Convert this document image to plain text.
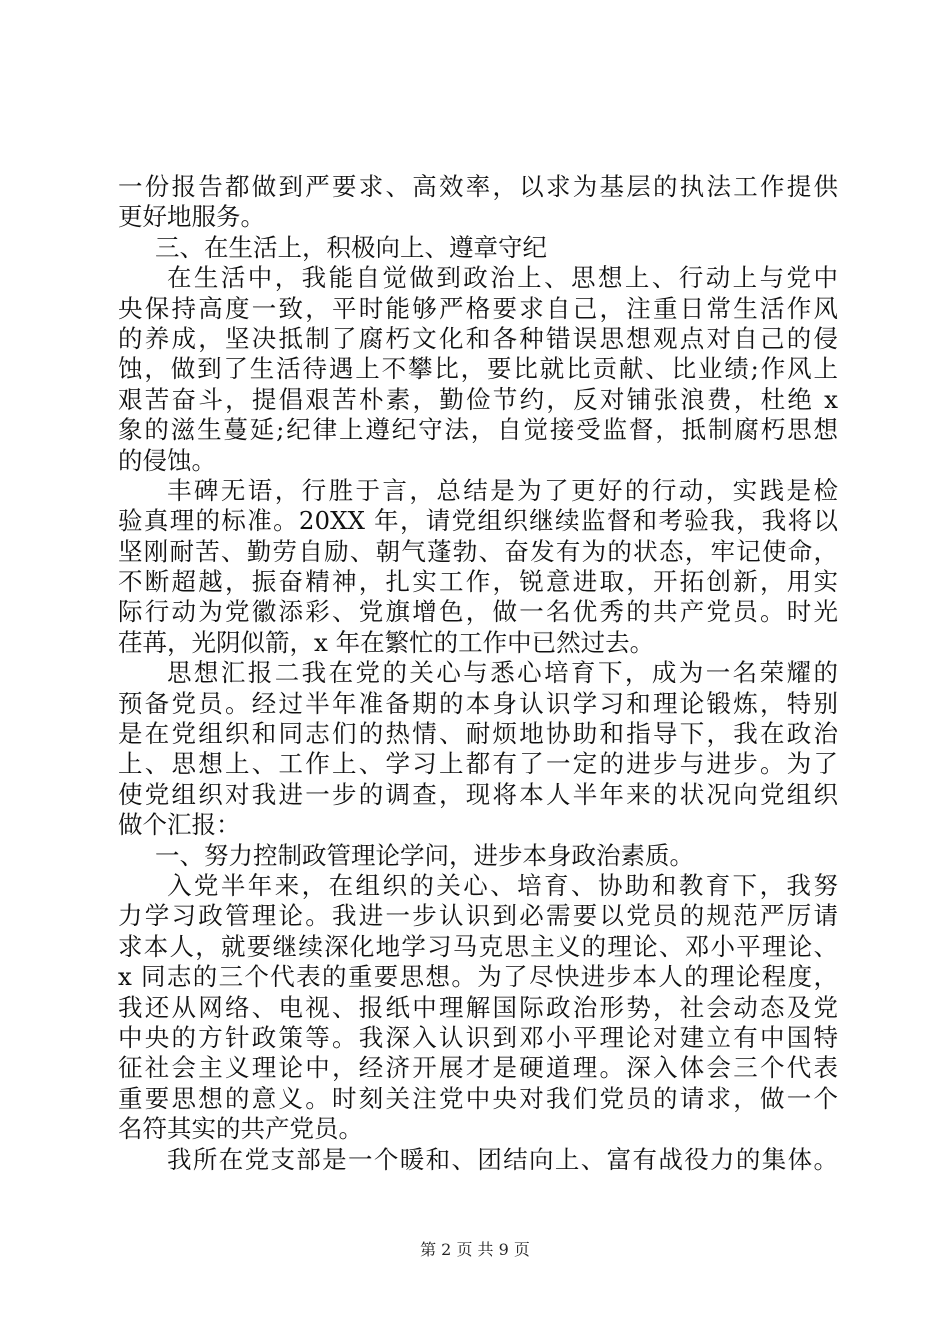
一份报告都做到严要求、高效率，以求为基层的执法工作提供
更好地服务。
三、在生活上，积极向上、遵章守纪
在生活中，我能自觉做到政治上、思想上、行动上与党中
央保持高度一致，平时能够严格要求自己，注重日常生活作风
的养成，坚决抵制了腐朽文化和各种错误思想观点对自己的侵
蚀，做到了生活待遇上不攀比，要比就比贡献、比业绩;作风上
艰苦奋斗，提倡艰苦朴素，勤俭节约，反对铺张浪费，杜绝 x
象的滋生蔓延;纪律上遵纪守法，自觉接受监督，抵制腐朽思想
的侵蚀。
丰碑无语，行胜于言，总结是为了更好的行动，实践是检
验真理的标准。20XX 年，请党组织继续监督和考验我，我将以
坚刚耐苦、勤劳自励、朝气蓬勃、奋发有为的状态，牢记使命，
不断超越，振奋精神，扎实工作，锐意进取，开拓创新，用实
际行动为党徽添彩、党旗增色，做一名优秀的共产党员。时光
荏苒，光阴似箭，x 年在繁忙的工作中已然过去。
思想汇报二我在党的关心与悉心培育下，成为一名荣耀的
预备党员。经过半年准备期的本身认识学习和理论锻炼，特别
是在党组织和同志们的热情、耐烦地协助和指导下，我在政治
上、思想上、工作上、学习上都有了一定的进步与进步。为了
使党组织对我进一步的调查，现将本人半年来的状况向党组织
做个汇报：
一、努力控制政管理论学问，进步本身政治素质。
入党半年来，在组织的关心、培育、协助和教育下，我努
力学习政管理论。我进一步认识到必需要以党员的规范严厉请
求本人，就要继续深化地学习马克思主义的理论、邓小平理论、
x 同志的三个代表的重要思想。为了尽快进步本人的理论程度，
我还从网络、电视、报纸中理解国际政治形势，社会动态及党
中央的方针政策等。我深入认识到邓小平理论对建立有中国特
征社会主义理论中，经济开展才是硬道理。深入体会三个代表
重要思想的意义。时刻关注党中央对我们党员的请求，做一个
名符其实的共产党员。
我所在党支部是一个暖和、团结向上、富有战役力的集体。
第 2 页 共 9 页
